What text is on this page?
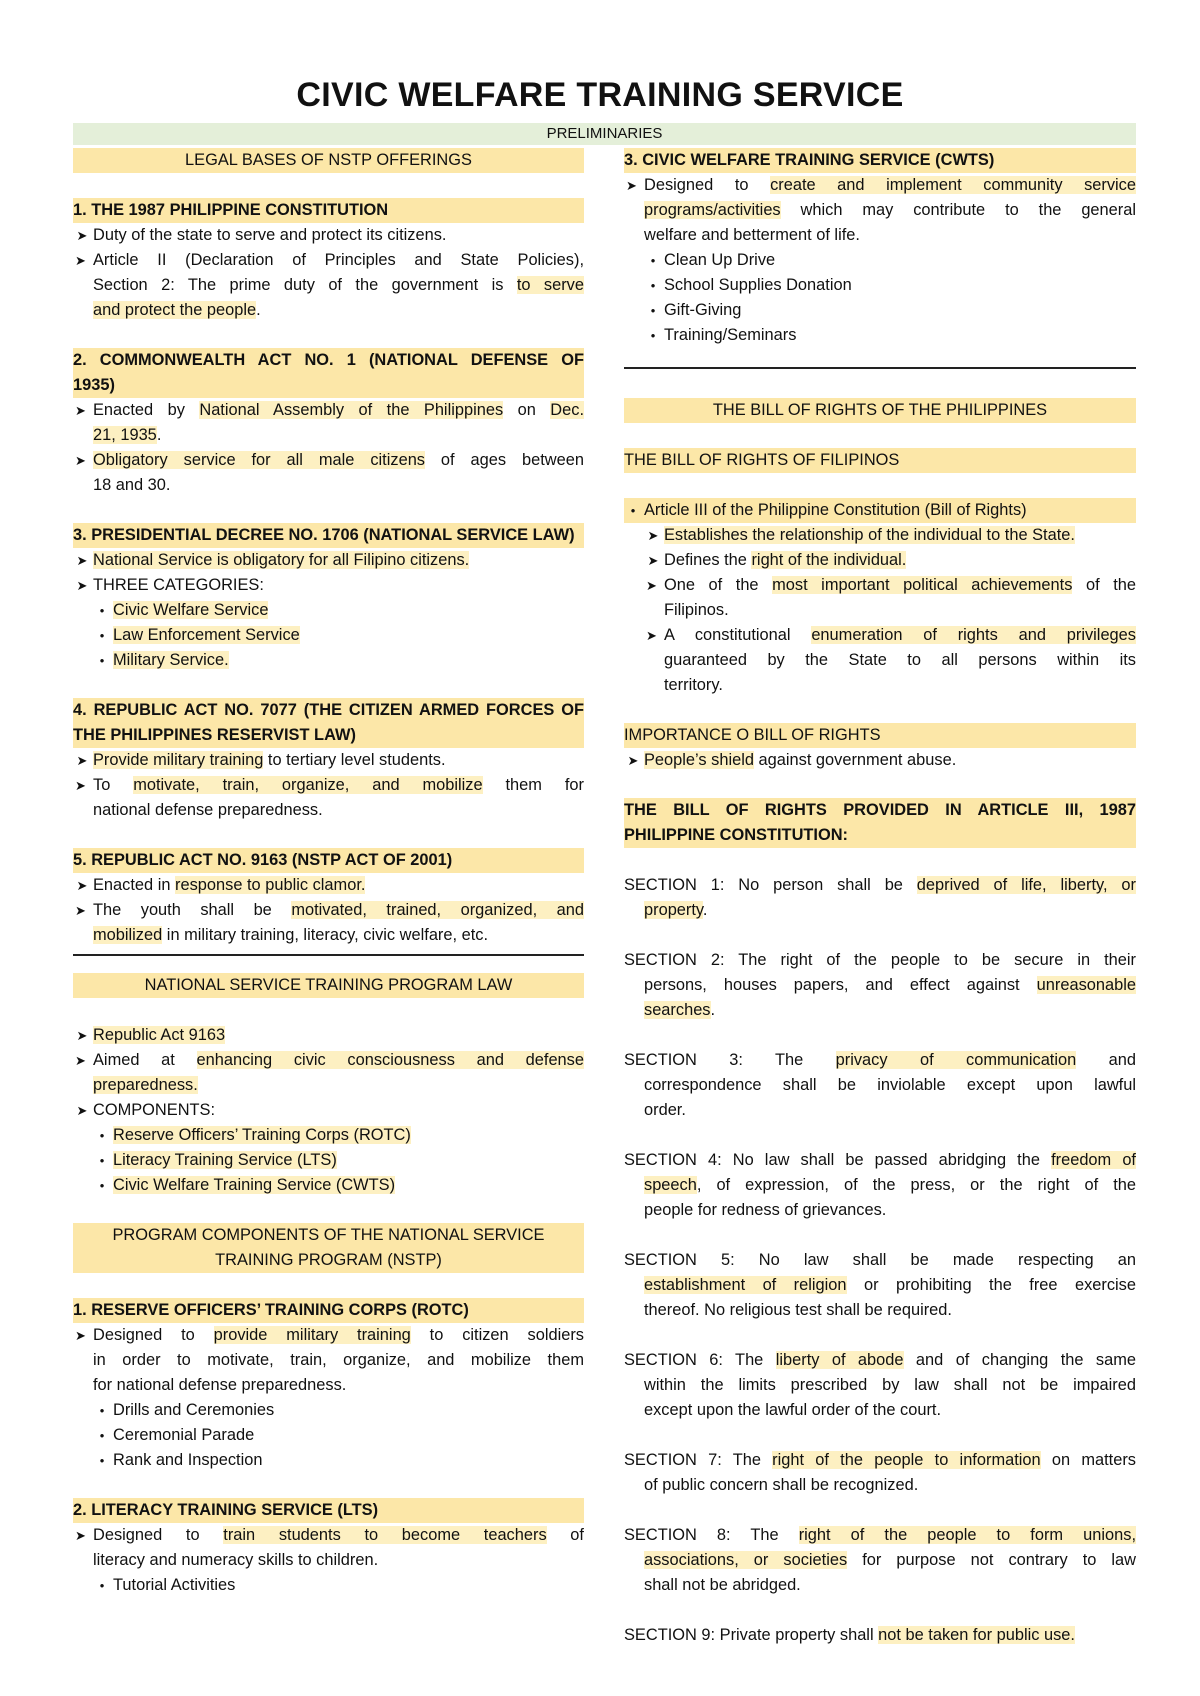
CIVIC WELFARE TRAINING SERVICE
PRELIMINARIES
LEGAL BASES OF NSTP OFFERINGS
1. THE 1987 PHILIPPINE CONSTITUTION
➤ Duty of the state to serve and protect its citizens.
➤ Article II (Declaration of Principles and State Policies),
Section 2: The prime duty of the government is to serve
and protect the people.
2. COMMONWEALTH ACT NO. 1 (NATIONAL DEFENSE OF
1935)
➤ Enacted by National Assembly of the Philippines on Dec.
21, 1935.
➤ Obligatory service for all male citizens of ages between
18 and 30.
3. PRESIDENTIAL DECREE NO. 1706 (NATIONAL SERVICE LAW)
➤ National Service is obligatory for all Filipino citizens.
➤ THREE CATEGORIES:
• Civic Welfare Service
• Law Enforcement Service
• Military Service.
4. REPUBLIC ACT NO. 7077 (THE CITIZEN ARMED FORCES OF
THE PHILIPPINES RESERVIST LAW)
➤ Provide military training to tertiary level students.
➤ To motivate, train, organize, and mobilize them for
national defense preparedness.
5. REPUBLIC ACT NO. 9163 (NSTP ACT OF 2001)
➤ Enacted in response to public clamor.
➤ The youth shall be motivated, trained, organized, and
mobilized in military training, literacy, civic welfare, etc.
NATIONAL SERVICE TRAINING PROGRAM LAW
➤ Republic Act 9163
➤ Aimed at enhancing civic consciousness and defense
preparedness.
➤ COMPONENTS:
• Reserve Officers’ Training Corps (ROTC)
• Literacy Training Service (LTS)
• Civic Welfare Training Service (CWTS)
PROGRAM COMPONENTS OF THE NATIONAL SERVICE
TRAINING PROGRAM (NSTP)
1. RESERVE OFFICERS’ TRAINING CORPS (ROTC)
➤ Designed to provide military training to citizen soldiers
in order to motivate, train, organize, and mobilize them
for national defense preparedness.
• Drills and Ceremonies
• Ceremonial Parade
• Rank and Inspection
2. LITERACY TRAINING SERVICE (LTS)
➤ Designed to train students to become teachers of
literacy and numeracy skills to children.
• Tutorial Activities
3. CIVIC WELFARE TRAINING SERVICE (CWTS)
➤ Designed to create and implement community service
programs/activities which may contribute to the general
welfare and betterment of life.
• Clean Up Drive
• School Supplies Donation
• Gift-Giving
• Training/Seminars
THE BILL OF RIGHTS OF THE PHILIPPINES
THE BILL OF RIGHTS OF FILIPINOS
• Article III of the Philippine Constitution (Bill of Rights)
➤ Establishes the relationship of the individual to the State.
➤ Defines the right of the individual.
➤ One of the most important political achievements of the
Filipinos.
➤ A constitutional enumeration of rights and privileges
guaranteed by the State to all persons within its
territory.
IMPORTANCE O BILL OF RIGHTS
➤ People’s shield against government abuse.
THE BILL OF RIGHTS PROVIDED IN ARTICLE III, 1987
PHILIPPINE CONSTITUTION:
SECTION 1: No person shall be deprived of life, liberty, or
property.
SECTION 2: The right of the people to be secure in their
persons, houses papers, and effect against unreasonable
searches.
SECTION 3: The privacy of communication and
correspondence shall be inviolable except upon lawful
order.
SECTION 4: No law shall be passed abridging the freedom of
speech, of expression, of the press, or the right of the
people for redness of grievances.
SECTION 5: No law shall be made respecting an
establishment of religion or prohibiting the free exercise
thereof. No religious test shall be required.
SECTION 6: The liberty of abode and of changing the same
within the limits prescribed by law shall not be impaired
except upon the lawful order of the court.
SECTION 7: The right of the people to information on matters
of public concern shall be recognized.
SECTION 8: The right of the people to form unions,
associations, or societies for purpose not contrary to law
shall not be abridged.
SECTION 9: Private property shall not be taken for public use.
